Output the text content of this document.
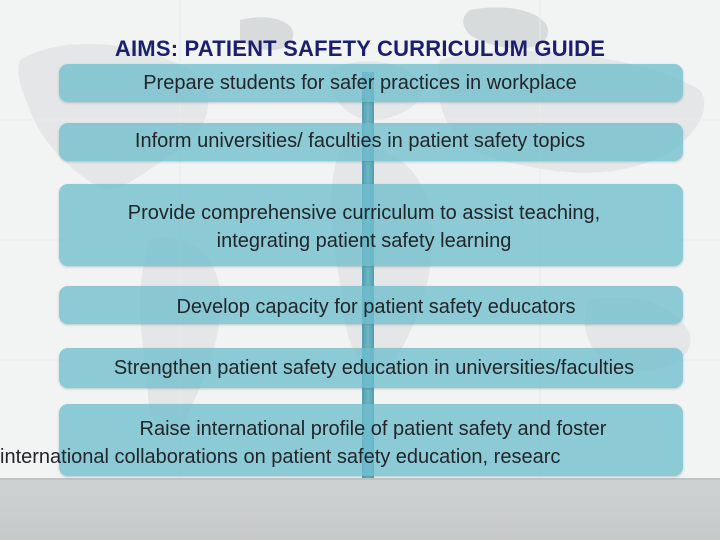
AIMS: PATIENT SAFETY CURRICULUM GUIDE
Prepare students for safer practices in workplace
Inform universities/ faculties in patient safety topics
Provide comprehensive curriculum to assist teaching,
integrating patient safety learning
Develop capacity for patient safety educators
Strengthen patient safety education in universities/faculties
Raise international profile of patient safety and foster
international collaborations on patient safety education, researc
